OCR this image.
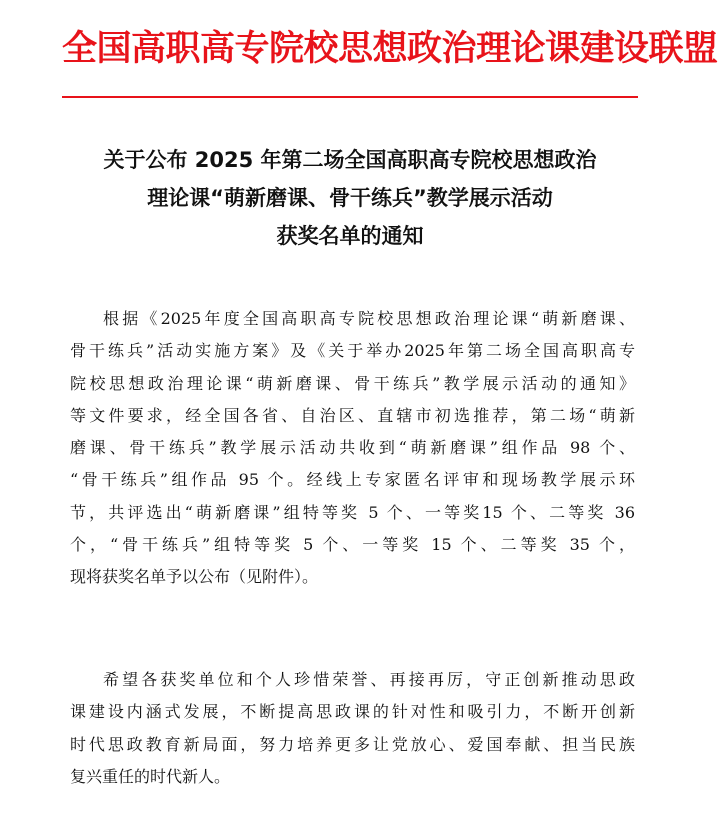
全国高职高专院校思想政治理论课建设联盟
关于公布 2025 年第二场全国高职高专院校思想政治
理论课“萌新磨课、骨干练兵”教学展示活动
获奖名单的通知
根据《2025年度全国高职高专院校思想政治理论课“萌新磨课、
骨干练兵”活动实施方案》及《关于举办2025年第二场全国高职高专
院校思想政治理论课“萌新磨课、骨干练兵”教学展示活动的通知》
等文件要求，经全国各省、自治区、直辖市初选推荐，第二场“萌新
磨课、骨干练兵”教学展示活动共收到“萌新磨课”组作品 98 个、
“骨干练兵”组作品 95 个。经线上专家匿名评审和现场教学展示环
节，共评选出“萌新磨课”组特等奖 5 个、一等奖15 个、二等奖 36
个，“骨干练兵”组特等奖 5 个、一等奖 15 个、二等奖 35 个，
现将获奖名单予以公布（见附件）。
希望各获奖单位和个人珍惜荣誉、再接再厉，守正创新推动思政
课建设内涵式发展，不断提高思政课的针对性和吸引力，不断开创新
时代思政教育新局面，努力培养更多让党放心、爱国奉献、担当民族
复兴重任的时代新人。
